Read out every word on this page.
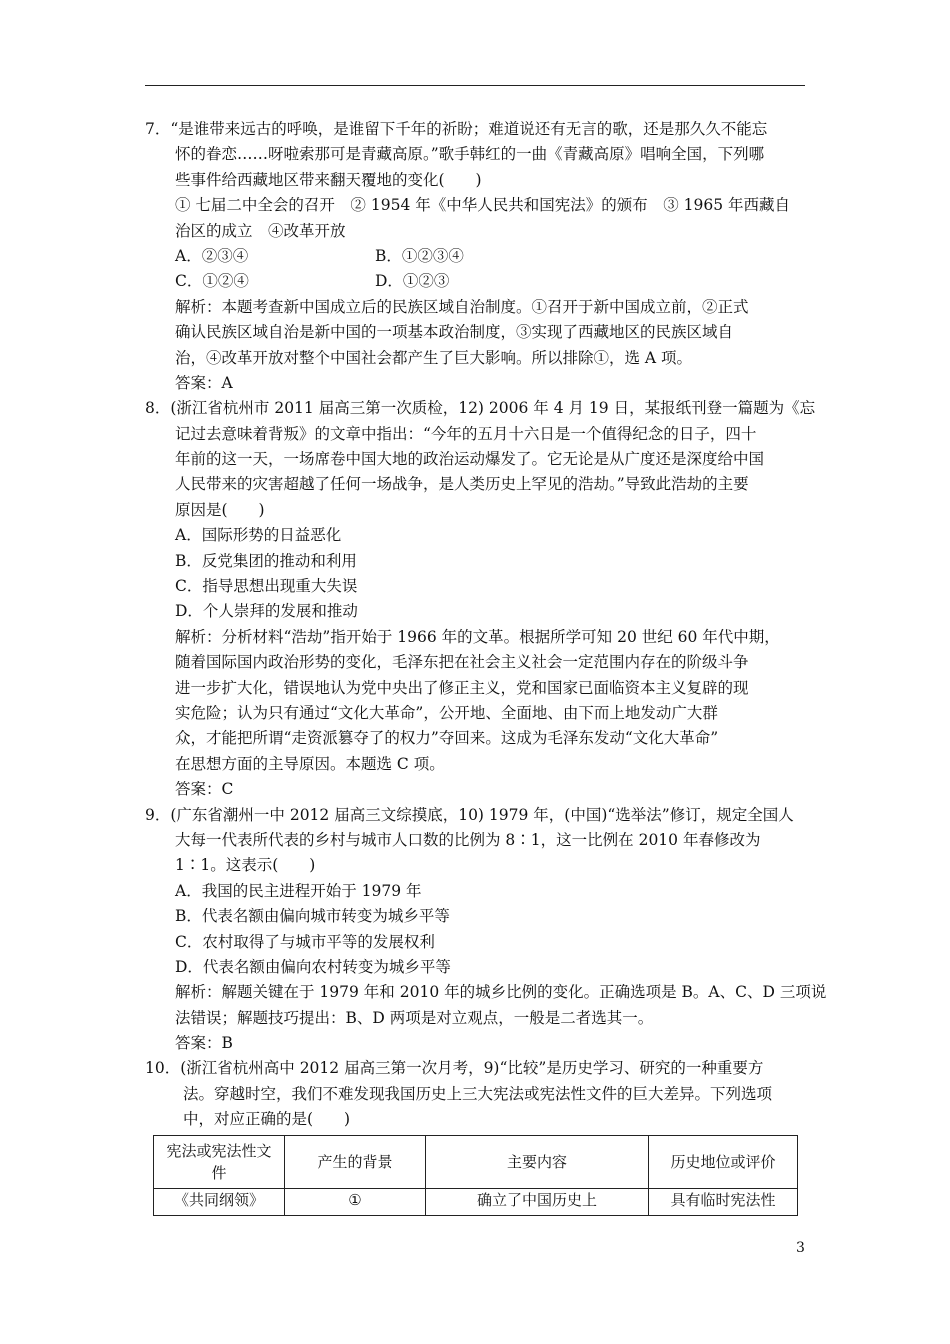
7．“是谁带来远古的呼唤，是谁留下千年的祈盼；难道说还有无言的歌，还是那久久不能忘
怀的眷恋……呀啦索那可是青藏高原。”歌手韩红的一曲《青藏高原》唱响全国，下列哪
些事件给西藏地区带来翻天覆地的变化(　　)
① 七届二中全会的召开　② 1954 年《中华人民共和国宪法》的颁布　③ 1965 年西藏自
治区的成立　④改革开放
A．②③④	B．①②③④
C．①②④	D．①②③
解析：本题考查新中国成立后的民族区域自治制度。①召开于新中国成立前，②正式
确认民族区域自治是新中国的一项基本政治制度，③实现了西藏地区的民族区域自
治，④改革开放对整个中国社会都产生了巨大影响。所以排除①，选 A 项。
答案：A
8．(浙江省杭州市 2011 届高三第一次质检，12) 2006 年 4 月 19 日，某报纸刊登一篇题为《忘
记过去意味着背叛》的文章中指出：“今年的五月十六日是一个值得纪念的日子，四十
年前的这一天，一场席卷中国大地的政治运动爆发了。它无论是从广度还是深度给中国
人民带来的灾害超越了任何一场战争，是人类历史上罕见的浩劫。”导致此浩劫的主要
原因是(　　)
A．国际形势的日益恶化
B．反党集团的推动和利用
C．指导思想出现重大失误
D．个人崇拜的发展和推动
解析：分析材料“浩劫”指开始于 1966 年的文革。根据所学可知 20 世纪 60 年代中期，
随着国际国内政治形势的变化，毛泽东把在社会主义社会一定范围内存在的阶级斗争
进一步扩大化，错误地认为党中央出了修正主义，党和国家已面临资本主义复辟的现
实危险；认为只有通过“文化大革命”，公开地、全面地、由下而上地发动广大群
众，才能把所谓“走资派篡夺了的权力”夺回来。这成为毛泽东发动“文化大革命”
在思想方面的主导原因。本题选 C 项。
答案：C
9．(广东省潮州一中 2012 届高三文综摸底，10) 1979 年，(中国)“选举法”修订，规定全国人
大每一代表所代表的乡村与城市人口数的比例为 8∶1，这一比例在 2010 年春修改为
1∶1。这表示(　　)
A．我国的民主进程开始于 1979 年
B．代表名额由偏向城市转变为城乡平等
C．农村取得了与城市平等的发展权利
D．代表名额由偏向农村转变为城乡平等
解析：解题关键在于 1979 年和 2010 年的城乡比例的变化。正确选项是 B。A、C、D 三项说
法错误；解题技巧提出：B、D 两项是对立观点，一般是二者选其一。
答案：B
10．(浙江省杭州高中 2012 届高三第一次月考，9)“比较”是历史学习、研究的一种重要方
法。穿越时空，我们不难发现我国历史上三大宪法或宪法性文件的巨大差异。下列选项
中，对应正确的是(　　)
宪法或宪法性文件	产生的背景	主要内容	历史地位或评价
《共同纲领》	①	确立了中国历史上	具有临时宪法性
3
